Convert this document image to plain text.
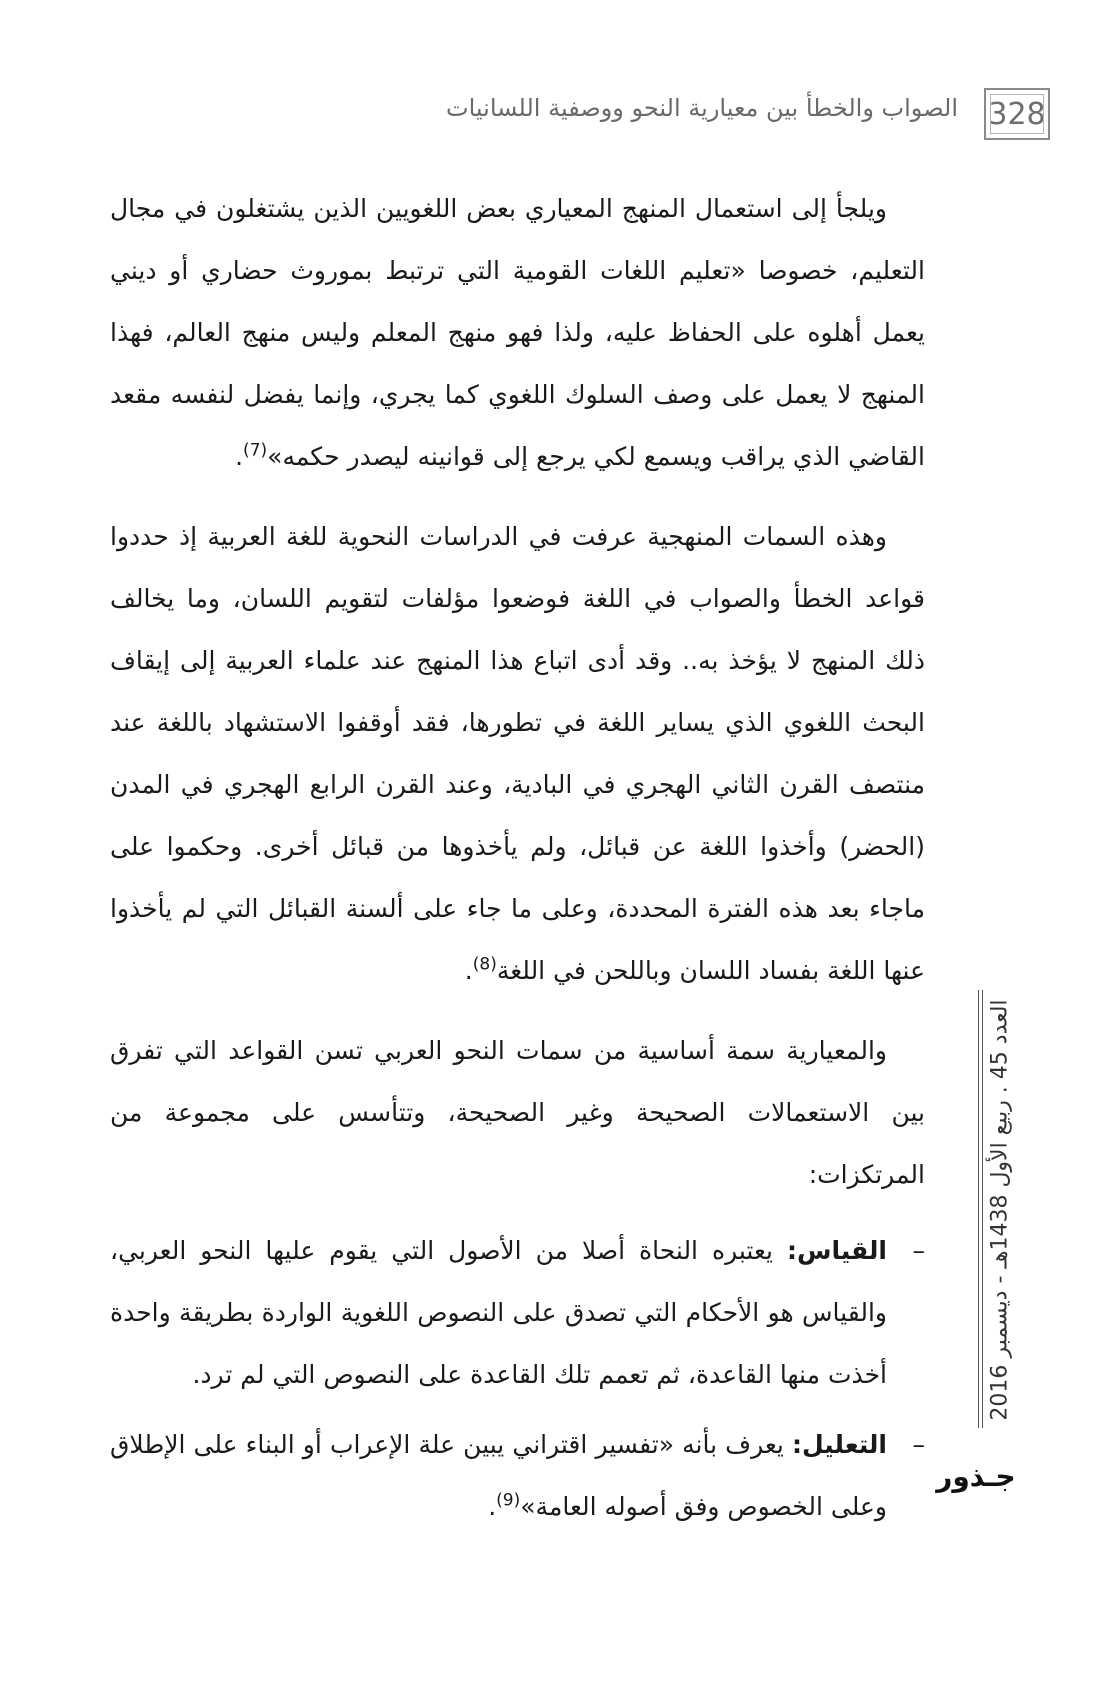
328
الصواب والخطأ بين معيارية النحو ووصفية اللسانيات

ويلجأ إلى استعمال المنهج المعياري بعض اللغويين الذين يشتغلون في مجال التعليم، خصوصا «تعليم اللغات القومية التي ترتبط بموروث حضاري أو ديني يعمل أهلوه على الحفاظ عليه، ولذا فهو منهج المعلم وليس منهج العالم، فهذا المنهج لا يعمل على وصف السلوك اللغوي كما يجري، وإنما يفضل لنفسه مقعد القاضي الذي يراقب ويسمع لكي يرجع إلى قوانينه ليصدر حكمه»$^{(7)}$.

وهذه السمات المنهجية عرفت في الدراسات النحوية للغة العربية إذ حددوا قواعد الخطأ والصواب في اللغة فوضعوا مؤلفات لتقويم اللسان، وما يخالف ذلك المنهج لا يؤخذ به.. وقد أدى اتباع هذا المنهج عند علماء العربية إلى إيقاف البحث اللغوي الذي يساير اللغة في تطورها، فقد أوقفوا الاستشهاد باللغة عند منتصف القرن الثاني الهجري في البادية، وعند القرن الرابع الهجري في المدن (الحضر) وأخذوا اللغة عن قبائل، ولم يأخذوها من قبائل أخرى. وحكموا على ماجاء بعد هذه الفترة المحددة، وعلى ما جاء على ألسنة القبائل التي لم يأخذوا عنها اللغة بفساد اللسان وباللحن في اللغة$^{(8)}$.

والمعيارية سمة أساسية من سمات النحو العربي تسن القواعد التي تفرق بين الاستعمالات الصحيحة وغير الصحيحة، وتتأسس على مجموعة من المرتكزات:

–
القياس: يعتبره النحاة أصلا من الأصول التي يقوم عليها النحو العربي، والقياس هو الأحكام التي تصدق على النصوص اللغوية الواردة بطريقة واحدة أخذت منها القاعدة، ثم تعمم تلك القاعدة على النصوص التي لم ترد.
–
التعليل: يعرف بأنه «تفسير اقتراني يبين علة الإعراب أو البناء على الإطلاق وعلى الخصوص وفق أصوله العامة»$^{(9)}$.
العدد 45 . ربيع الأول 1438هـ - ديسمبر 2016
جـذور
